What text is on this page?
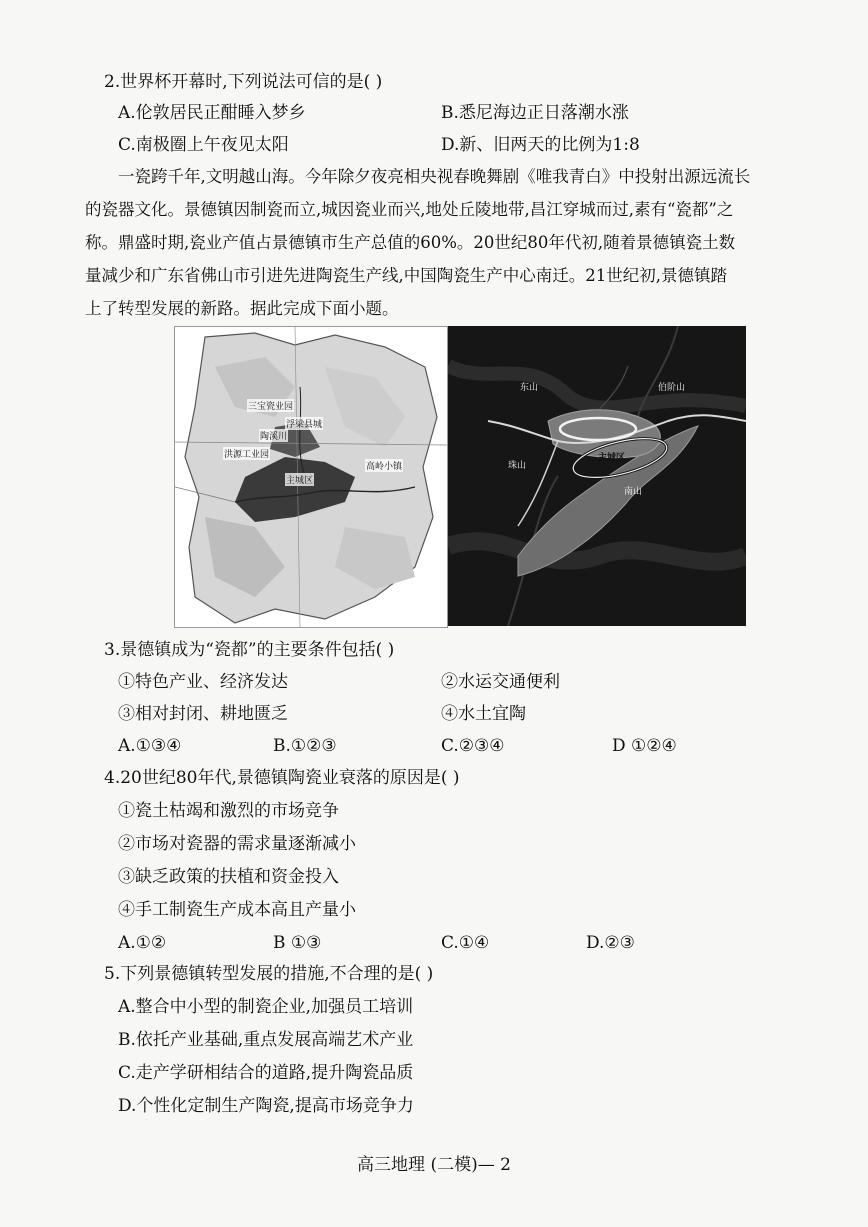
2.世界杯开幕时,下列说法可信的是( )
A.伦敦居民正酣睡入梦乡	B.悉尼海边正日落潮水涨
C.南极圈上午夜见太阳	D.新、旧两天的比例为1:8
一瓷跨千年,文明越山海。今年除夕夜亮相央视春晚舞剧《唯我青白》中投射出源远流长
的瓷器文化。景德镇因制瓷而立,城因瓷业而兴,地处丘陵地带,昌江穿城而过,素有“瓷都”之
称。鼎盛时期,瓷业产值占景德镇市生产总值的60%。20世纪80年代初,随着景德镇瓷土数
量减少和广东省佛山市引进先进陶瓷生产线,中国陶瓷生产中心南迁。21世纪初,景德镇踏
上了转型发展的新路。据此完成下面小题。
三宝瓷业园
陶溪川
浮梁县城
洪源工业园
主城区
高岭小镇
东山
珠山
伯阶山
主城区
南山
3.景德镇成为“瓷都”的主要条件包括( )
①特色产业、经济发达	②水运交通便利
③相对封闭、耕地匮乏	④水土宜陶
A.①③④	B.①②③	C.②③④	D ①②④
4.20世纪80年代,景德镇陶瓷业衰落的原因是( )
①瓷土枯竭和激烈的市场竞争
②市场对瓷器的需求量逐渐减小
③缺乏政策的扶植和资金投入
④手工制瓷生产成本高且产量小
A.①②	B ①③	C.①④	D.②③
5.下列景德镇转型发展的措施,不合理的是( )
A.整合中小型的制瓷企业,加强员工培训
B.依托产业基础,重点发展高端艺术产业
C.走产学研相结合的道路,提升陶瓷品质
D.个性化定制生产陶瓷,提高市场竞争力
高三地理 (二模)— 2
